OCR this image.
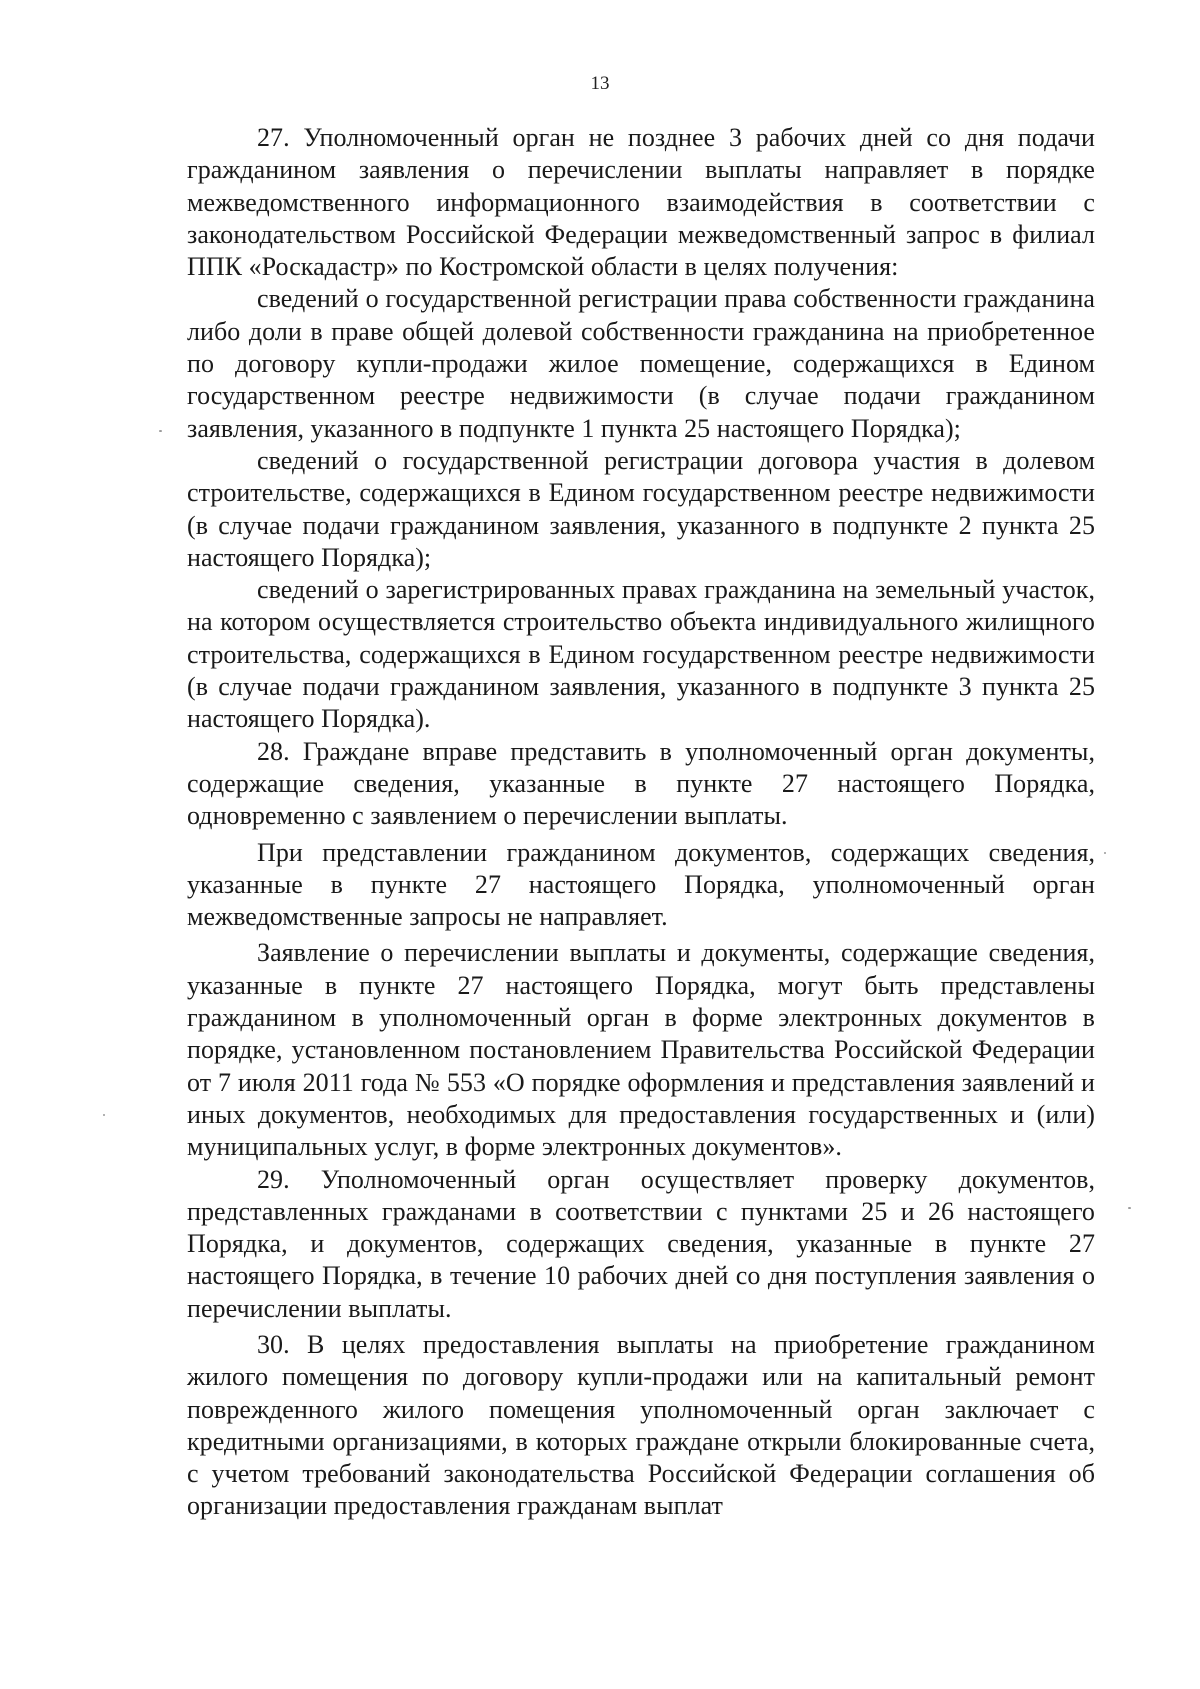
13

27. Уполномоченный орган не позднее 3 рабочих дней со дня подачи гражданином заявления о перечислении выплаты направляет в порядке межведомственного информационного взаимодействия в соответствии с законодательством Российской Федерации межведомственный запрос в филиал ППК «Роскадастр» по Костромской области в целях получения:

сведений о государственной регистрации права собственности гражданина либо доли в праве общей долевой собственности гражданина на приобретенное по договору купли-продажи жилое помещение, содержащихся в Едином государственном реестре недвижимости (в случае подачи гражданином заявления, указанного в подпункте 1 пункта 25 настоящего Порядка);

сведений о государственной регистрации договора участия в долевом строительстве, содержащихся в Едином государственном реестре недвижимости (в случае подачи гражданином заявления, указанного в подпункте 2 пункта 25 настоящего Порядка);

сведений о зарегистрированных правах гражданина на земельный участок, на котором осуществляется строительство объекта индивидуального жилищного строительства, содержащихся в Едином государственном реестре недвижимости (в случае подачи гражданином заявления, указанного в подпункте 3 пункта 25 настоящего Порядка).

28. Граждане вправе представить в уполномоченный орган документы, содержащие сведения, указанные в пункте 27 настоящего Порядка, одновременно с заявлением о перечислении выплаты.

При представлении гражданином документов, содержащих сведения, указанные в пункте 27 настоящего Порядка, уполномоченный орган межведомственные запросы не направляет.

Заявление о перечислении выплаты и документы, содержащие сведения, указанные в пункте 27 настоящего Порядка, могут быть представлены гражданином в уполномоченный орган в форме электронных документов в порядке, установленном постановлением Правительства Российской Федерации от 7 июля 2011 года № 553 «О порядке оформления и представления заявлений и иных документов, необходимых для предоставления государственных и (или) муниципальных услуг, в форме электронных документов».

29. Уполномоченный орган осуществляет проверку документов, представленных гражданами в соответствии с пунктами 25 и 26 настоящего Порядка, и документов, содержащих сведения, указанные в пункте 27 настоящего Порядка, в течение 10 рабочих дней со дня поступления заявления о перечислении выплаты.

30. В целях предоставления выплаты на приобретение гражданином жилого помещения по договору купли-продажи или на капитальный ремонт поврежденного жилого помещения уполномоченный орган заключает с кредитными организациями, в которых граждане открыли блокированные счета, с учетом требований законодательства Российской Федерации соглашения об организации предоставления гражданам выплат
